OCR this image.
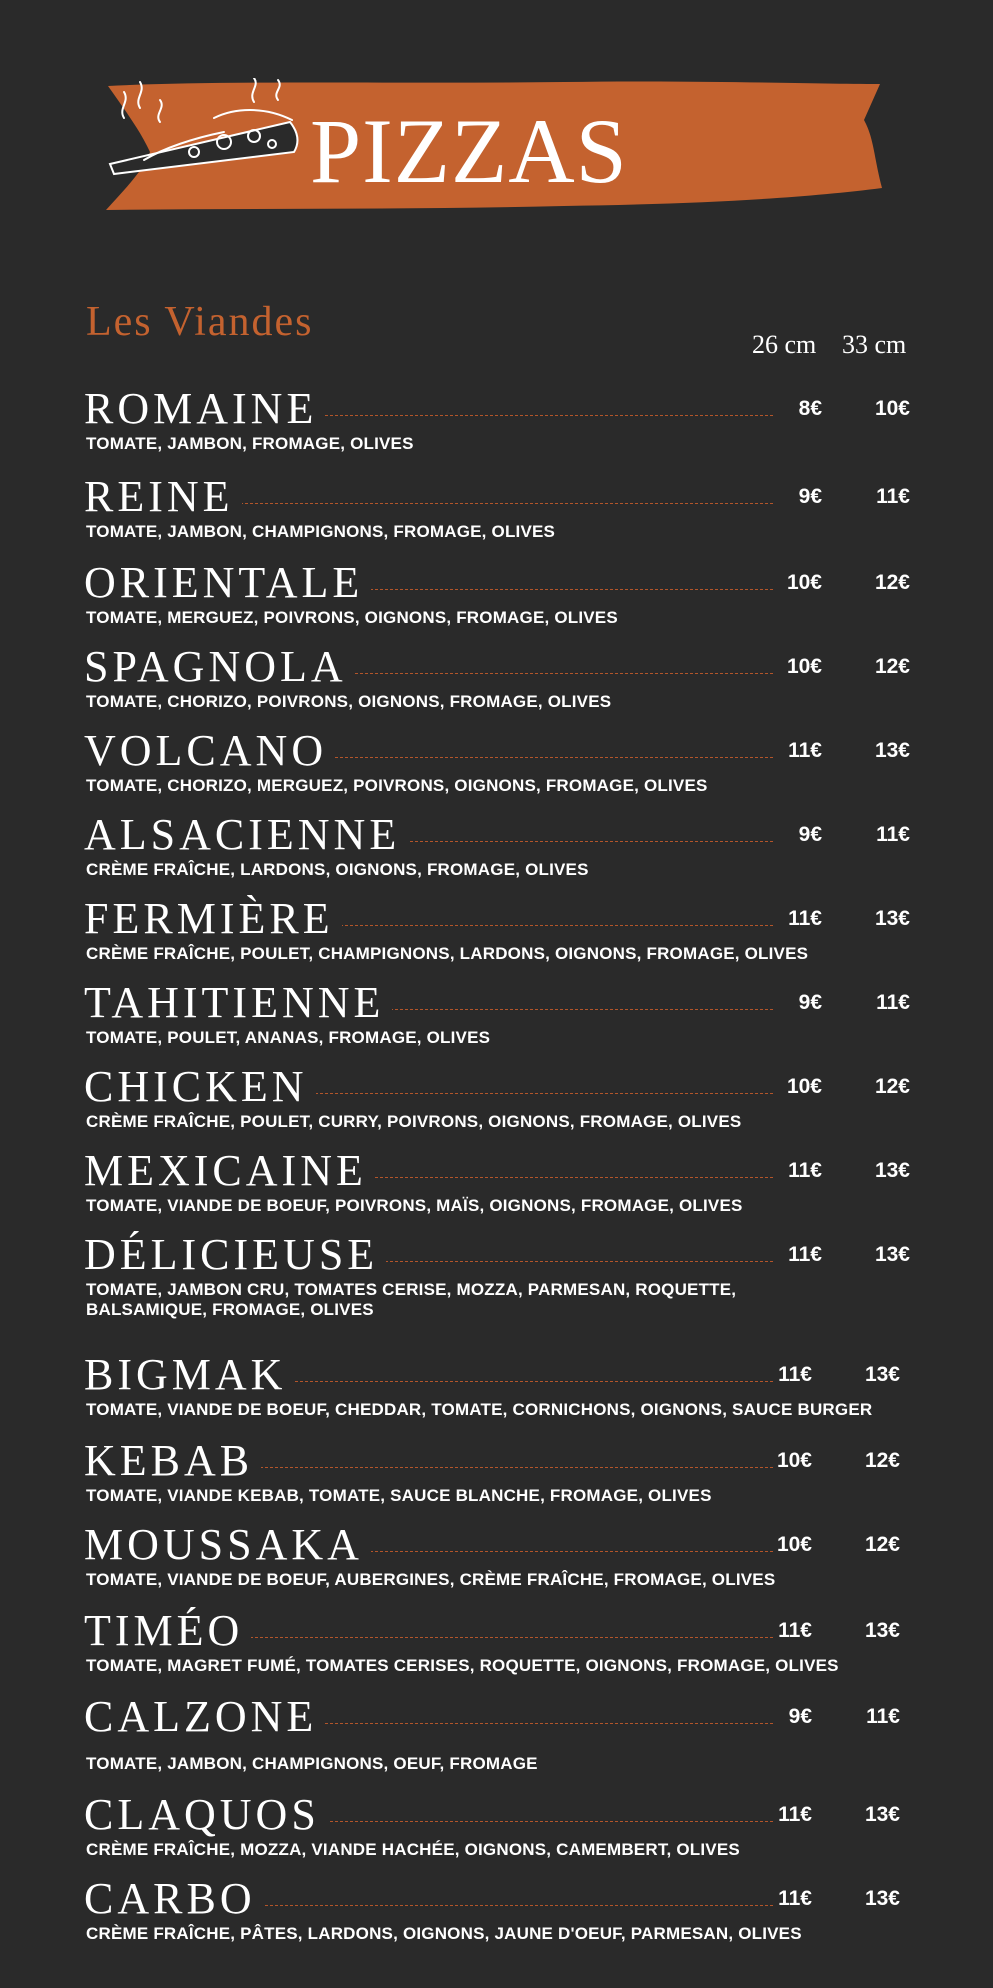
PIZZAS
Les Viandes	26 cm 33 cm
ROMAINE	8€	10€
TOMATE, JAMBON, FROMAGE, OLIVES
REINE	9€	11€
TOMATE, JAMBON, CHAMPIGNONS, FROMAGE, OLIVES
ORIENTALE	10€	12€
TOMATE, MERGUEZ, POIVRONS, OIGNONS, FROMAGE, OLIVES
SPAGNOLA	10€	12€
TOMATE, CHORIZO, POIVRONS, OIGNONS, FROMAGE, OLIVES
VOLCANO	11€	13€
TOMATE, CHORIZO, MERGUEZ, POIVRONS, OIGNONS, FROMAGE, OLIVES
ALSACIENNE	9€	11€
CRÈME FRAÎCHE, LARDONS, OIGNONS, FROMAGE, OLIVES
FERMIÈRE	11€	13€
CRÈME FRAÎCHE, POULET, CHAMPIGNONS, LARDONS, OIGNONS, FROMAGE, OLIVES
TAHITIENNE	9€	11€
TOMATE, POULET, ANANAS, FROMAGE, OLIVES
CHICKEN	10€	12€
CRÈME FRAÎCHE, POULET, CURRY, POIVRONS, OIGNONS, FROMAGE, OLIVES
MEXICAINE	11€	13€
TOMATE, VIANDE DE BOEUF, POIVRONS, MAÏS, OIGNONS, FROMAGE, OLIVES
DÉLICIEUSE	11€	13€
TOMATE, JAMBON CRU, TOMATES CERISE, MOZZA, PARMESAN, ROQUETTE, BALSAMIQUE, FROMAGE, OLIVES
BIGMAK	11€	13€
TOMATE, VIANDE DE BOEUF, CHEDDAR, TOMATE, CORNICHONS, OIGNONS, SAUCE BURGER
KEBAB	10€	12€
TOMATE, VIANDE KEBAB, TOMATE, SAUCE BLANCHE, FROMAGE, OLIVES
MOUSSAKA	10€	12€
TOMATE, VIANDE DE BOEUF, AUBERGINES, CRÈME FRAÎCHE, FROMAGE, OLIVES
TIMÉO	11€	13€
TOMATE, MAGRET FUMÉ, TOMATES CERISES, ROQUETTE, OIGNONS, FROMAGE, OLIVES
CALZONE	9€	11€
TOMATE, JAMBON, CHAMPIGNONS, OEUF, FROMAGE
CLAQUOS	11€	13€
CRÈME FRAÎCHE, MOZZA, VIANDE HACHÉE, OIGNONS, CAMEMBERT, OLIVES
CARBO	11€	13€
CRÈME FRAÎCHE, PÂTES, LARDONS, OIGNONS, JAUNE D'OEUF, PARMESAN, OLIVES
